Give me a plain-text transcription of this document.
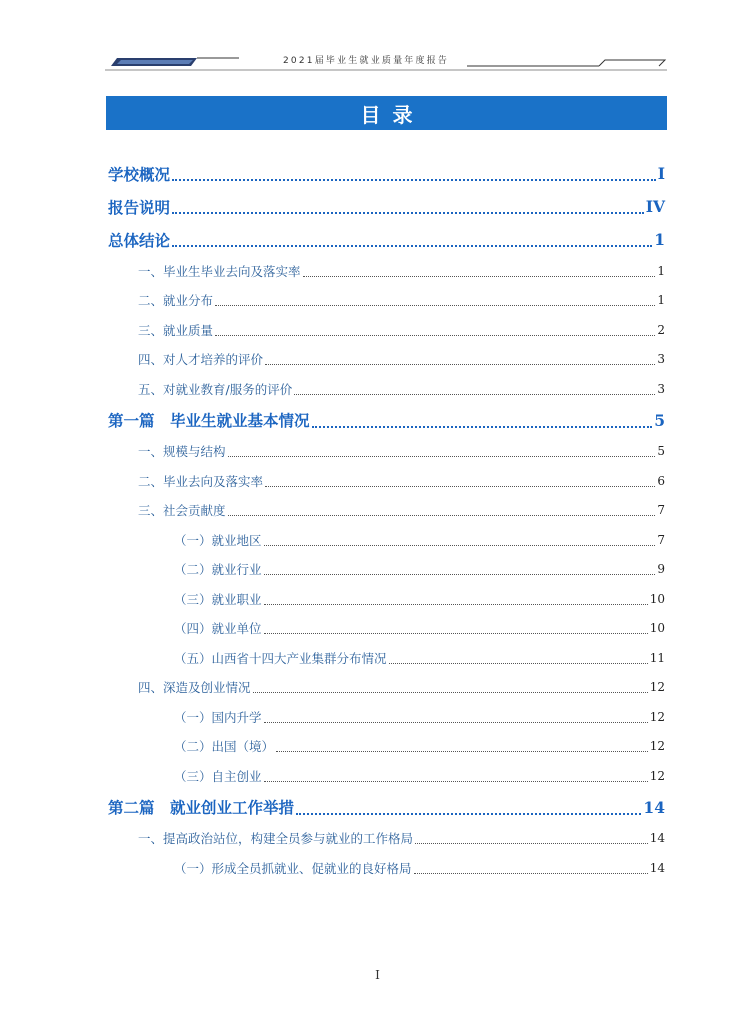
2021届毕业生就业质量年度报告
目录
学校概况	I
报告说明	IV
总体结论	1
一、毕业生毕业去向及落实率	1
二、就业分布	1
三、就业质量	2
四、对人才培养的评价	3
五、对就业教育/服务的评价	3
第一篇　毕业生就业基本情况	5
一、规模与结构	5
二、毕业去向及落实率	6
三、社会贡献度	7
（一）就业地区	7
（二）就业行业	9
（三）就业职业	10
（四）就业单位	10
（五）山西省十四大产业集群分布情况	11
四、深造及创业情况	12
（一）国内升学	12
（二）出国（境）	12
（三）自主创业	12
第二篇　就业创业工作举措	14
一、提高政治站位，构建全员参与就业的工作格局	14
（一）形成全员抓就业、促就业的良好格局	14
I
